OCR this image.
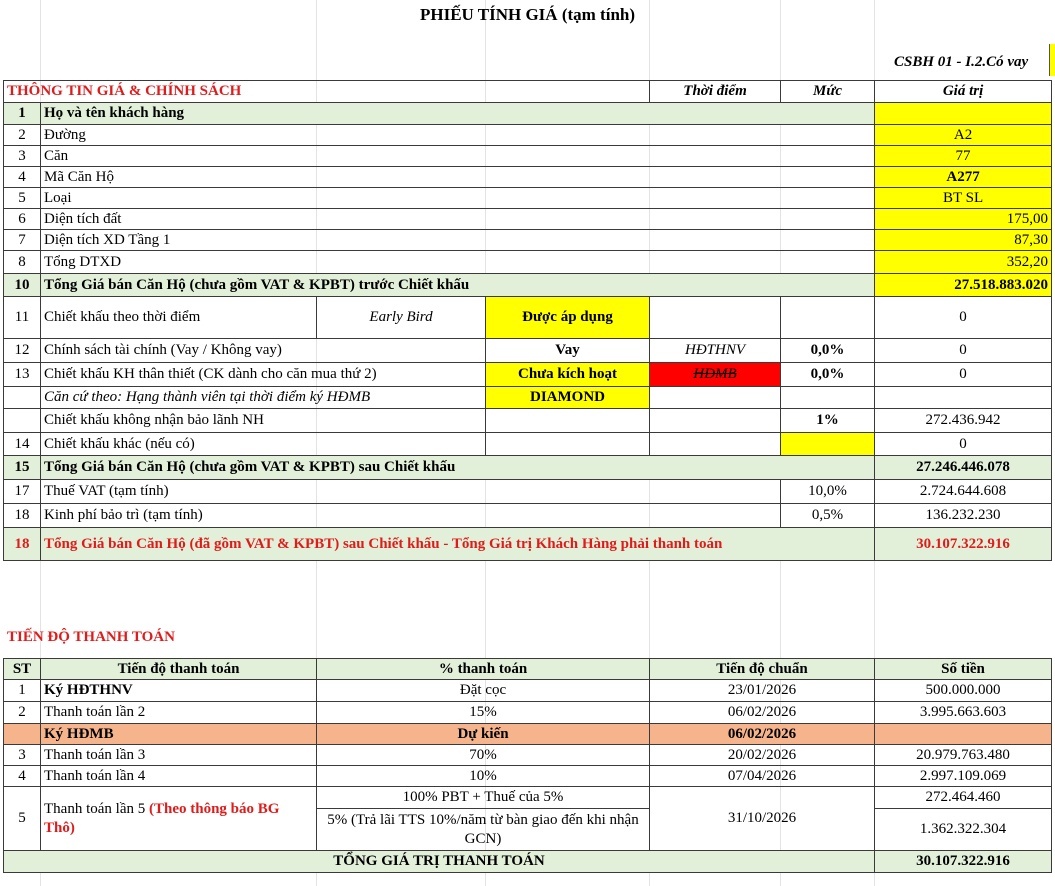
PHIẾU TÍNH GIÁ (tạm tính)
CSBH 01 - I.2.Có vay
THÔNG TIN GIÁ & CHÍNH SÁCH				Thời điểm	Mức	Giá trị
1	Họ và tên khách hàng					
2	Đường					A2
3	Căn					77
4	Mã Căn Hộ					A277
5	Loại					BT SL
6	Diện tích đất					175,00
7	Diện tích XD Tầng 1					87,30
8	Tổng DTXD					352,20
10	Tổng Giá bán Căn Hộ (chưa gồm VAT & KPBT) trước Chiết khấu					27.518.883.020
11	Chiết khấu theo thời điểm	Early Bird	Được áp dụng			0
12	Chính sách tài chính (Vay / Không vay)		Vay	HĐTHNV	0,0%	0
13	Chiết khấu KH thân thiết (CK dành cho căn mua thứ 2)		Chưa kích hoạt	HĐMB	0,0%	0
	Căn cứ theo: Hạng thành viên tại thời điểm ký HĐMB		DIAMOND			
	Chiết khấu không nhận bảo lãnh NH				1%	272.436.942
14	Chiết khấu khác (nếu có)					0
15	Tổng Giá bán Căn Hộ (chưa gồm VAT & KPBT) sau Chiết khấu					27.246.446.078
17	Thuế VAT (tạm tính)				10,0%	2.724.644.608
18	Kinh phí bảo trì (tạm tính)				0,5%	136.232.230
18	Tổng Giá bán Căn Hộ (đã gồm VAT & KPBT) sau Chiết khấu - Tổng Giá trị Khách Hàng phải thanh toán					30.107.322.916
TIẾN ĐỘ THANH TOÁN
ST	Tiến độ thanh toán	% thanh toán	Tiến độ chuẩn	Số tiền
1	Ký HĐTHNV	Đặt cọc	23/01/2026	500.000.000
2	Thanh toán lần 2	15%	06/02/2026	3.995.663.603
	Ký HĐMB	Dự kiến	06/02/2026	
3	Thanh toán lần 3	70%	20/02/2026	20.979.763.480
4	Thanh toán lần 4	10%	07/04/2026	2.997.109.069
5	Thanh toán lần 5 (Theo thông báo BG Thô)	100% PBT + Thuế của 5%	31/10/2026	272.464.460
		5% (Trả lãi TTS 10%/năm từ bàn giao đến khi nhận GCN)		1.362.322.304
TỔNG GIÁ TRỊ THANH TOÁN				30.107.322.916
